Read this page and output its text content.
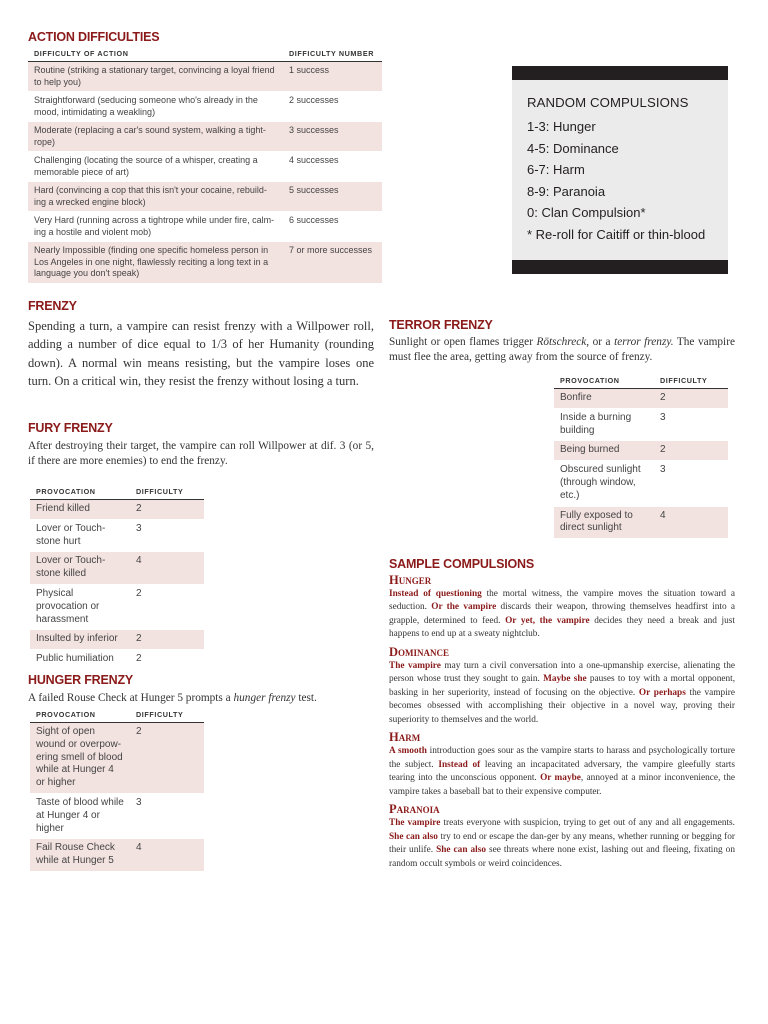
ACTION DIFFICULTIES
DIFFICULTY OF ACTION	DIFFICULTY NUMBER
Routine (striking a stationary target, convincing a loyal friend to help you)	1 success
Straightforward (seducing someone who's already in the mood, intimidating a weakling)	2 successes
Moderate (replacing a car's sound system, walking a tight-rope)	3 successes
Challenging (locating the source of a whisper, creating a memorable piece of art)	4 successes
Hard (convincing a cop that this isn't your cocaine, rebuild-ing a wrecked engine block)	5 successes
Very Hard (running across a tightrope while under fire, calm-ing a hostile and violent mob)	6 successes
Nearly Impossible (finding one specific homeless person in Los Angeles in one night, flawlessly reciting a long text in a language you don't speak)	7 or more successes
RANDOM COMPULSIONS
1-3: Hunger
4-5: Dominance
6-7: Harm
8-9: Paranoia
0: Clan Compulsion*
* Re-roll for Caitiff or thin-blood
FRENZY

Spending a turn, a vampire can resist frenzy with a Willpower roll, adding a number of dice equal to 1/3 of her Humanity (rounding down). A normal win means resisting, but the vampire loses one turn. On a critical win, they resist the frenzy without losing a turn.

FURY FRENZY

After destroying their target, the vampire can roll Willpower at dif. 3 (or 5, if there are more enemies) to end the frenzy.

PROVOCATION	DIFFICULTY
Friend killed	2
Lover or Touch-stone hurt	3
Lover or Touch-stone killed	4
Physical provocation or harassment	2
Insulted by inferior	2
Public humiliation	2
HUNGER FRENZY

A failed Rouse Check at Hunger 5 prompts a hunger frenzy test.

PROVOCATION	DIFFICULTY
Sight of open wound or overpow-ering smell of blood while at Hunger 4 or higher	2
Taste of blood while at Hunger 4 or higher	3
Fail Rouse Check while at Hunger 5	4
TERROR FRENZY

Sunlight or open flames trigger Rötschreck, or a terror frenzy. The vampire must flee the area, getting away from the source of frenzy.

PROVOCATION	DIFFICULTY
Bonfire	2
Inside a burning building	3
Being burned	2
Obscured sunlight (through window, etc.)	3
Fully exposed to direct sunlight	4
SAMPLE COMPULSIONS
Hunger

Instead of questioning the mortal witness, the vampire moves the situation toward a seduction. Or the vampire discards their weapon, throwing themselves headfirst into a grapple, determined to feed. Or yet, the vampire decides they need a break and just happens to end up at a sweaty nightclub.

Dominance

The vampire may turn a civil conversation into a one-upmanship exercise, alienating the person whose trust they sought to gain. Maybe she pauses to toy with a mortal opponent, basking in her superiority, instead of focusing on the objective. Or perhaps the vampire becomes obsessed with accomplishing their objective in a novel way, proving their superiority to themselves and the world.

Harm

A smooth introduction goes sour as the vampire starts to harass and psychologically torture the subject. Instead of leaving an incapacitated adversary, the vampire gleefully starts tearing into the unconscious opponent. Or maybe, annoyed at a minor inconvenience, the vampire takes a baseball bat to their expensive computer.

Paranoia

The vampire treats everyone with suspicion, trying to get out of any and all engagements. She can also try to end or escape the dan-ger by any means, whether running or begging for their unlife. She can also see threats where none exist, lashing out and fleeing, fixating on random occult symbols or weird coincidences.
